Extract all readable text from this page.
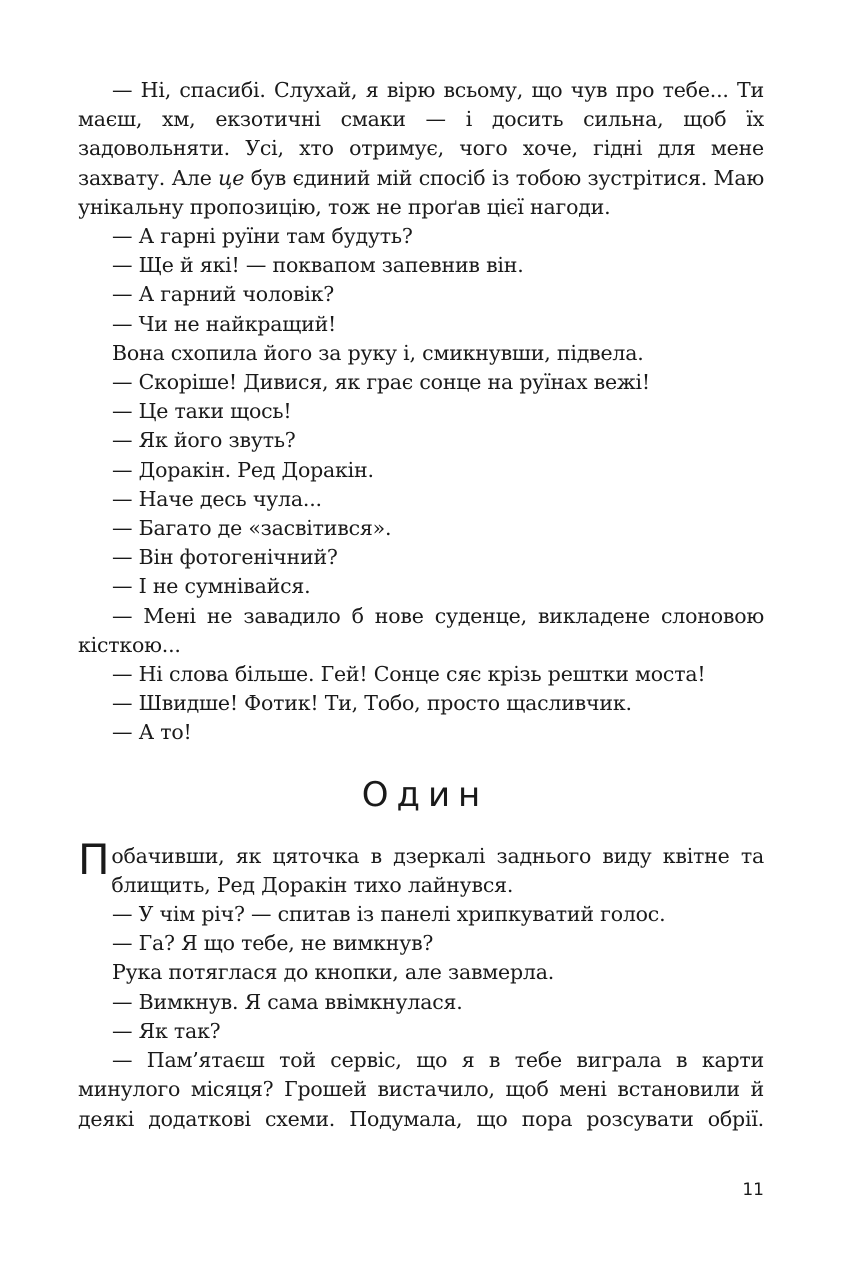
— Ні, спасибі. Слухай, я вірю всьому, що чув про тебе... Ти маєш, хм, екзотичні смаки — і досить сильна, щоб їх задовольняти. Усі, хто отримує, чого хоче, гідні для мене захвату. Але це був єдиний мій спосіб із тобою зустрітися. Маю унікальну пропозицію, тож не проґав цієї нагоди.

— А гарні руїни там будуть?

— Ще й які! — поквапом запевнив він.

— А гарний чоловік?

— Чи не найкращий!

Вона схопила його за руку і, смикнувши, підвела.

— Скоріше! Дивися, як грає сонце на руїнах вежі!

— Це таки щось!

— Як його звуть?

— Доракін. Ред Доракін.

— Наче десь чула...

— Багато де «засвітився».

— Він фотогенічний?

— І не сумнівайся.

— Мені не завадило б нове суденце, викладене слоновою кісткою...

— Ні слова більше. Гей! Сонце сяє крізь рештки моста!

— Швидше! Фотик! Ти, Тобо, просто щасливчик.

— А то!

Один

Побачивши, як цяточка в дзеркалі заднього виду квітне та блищить, Ред Доракін тихо лайнувся.

— У чім річ? — спитав із панелі хрипкуватий голос.

— Га? Я що тебе, не вимкнув?

Рука потяглася до кнопки, але завмерла.

— Вимкнув. Я сама ввімкнулася.

— Як так?

— Пам’ятаєш той сервіс, що я в тебе виграла в карти минулого місяця? Грошей вистачило, щоб мені встановили й деякі додаткові схеми. Подумала, що пора розсувати обрії.

11
